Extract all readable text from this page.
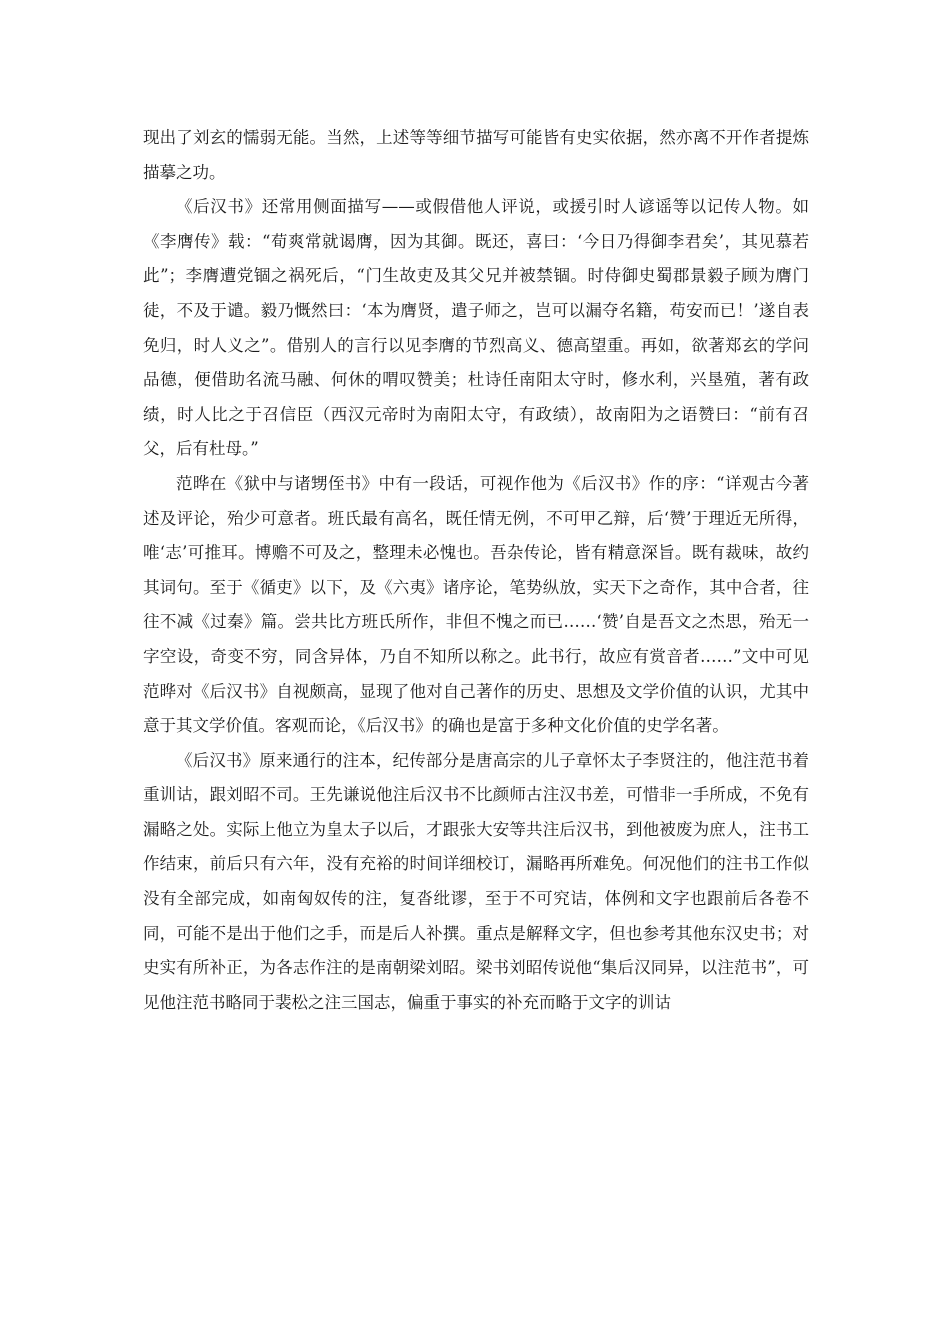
现出了刘玄的懦弱无能。当然，上述等等细节描写可能皆有史实依据，然亦离不开作者提炼描摹之功。

《后汉书》还常用侧面描写——或假借他人评说，或援引时人谚谣等以记传人物。如《李膺传》载：“荀爽常就谒膺，因为其御。既还，喜曰：‘今日乃得御李君矣’，其见慕若此”；李膺遭党锢之祸死后，“门生故吏及其父兄并被禁锢。时侍御史蜀郡景毅子顾为膺门徒，不及于谴。毅乃慨然曰：‘本为膺贤，遣子师之，岂可以漏夺名籍，苟安而已！’遂自表免归，时人义之”。借别人的言行以见李膺的节烈高义、德高望重。再如，欲著郑玄的学问品德，便借助名流马融、何休的喟叹赞美；杜诗任南阳太守时，修水利，兴垦殖，著有政绩，时人比之于召信臣（西汉元帝时为南阳太守，有政绩），故南阳为之语赞曰：“前有召父，后有杜母。”

范晔在《狱中与诸甥侄书》中有一段话，可视作他为《后汉书》作的序：“详观古今著述及评论，殆少可意者。班氏最有高名，既任情无例，不可甲乙辩，后‘赞’于理近无所得，唯‘志’可推耳。博赡不可及之，整理未必愧也。吾杂传论，皆有精意深旨。既有裁味，故约其词句。至于《循吏》以下，及《六夷》诸序论，笔势纵放，实天下之奇作，其中合者，往往不减《过秦》篇。尝共比方班氏所作，非但不愧之而已……‘赞’自是吾文之杰思，殆无一字空设，奇变不穷，同含异体，乃自不知所以称之。此书行，故应有赏音者……”文中可见范晔对《后汉书》自视颇高，显现了他对自己著作的历史、思想及文学价值的认识，尤其中意于其文学价值。客观而论，《后汉书》的确也是富于多种文化价值的史学名著。

《后汉书》原来通行的注本，纪传部分是唐高宗的儿子章怀太子李贤注的，他注范书着重训诂，跟刘昭不司。王先谦说他注后汉书不比颜师古注汉书差，可惜非一手所成，不免有漏略之处。实际上他立为皇太子以后，才跟张大安等共注后汉书，到他被废为庶人，注书工作结束，前后只有六年，没有充裕的时间详细校订，漏略再所难免。何况他们的注书工作似没有全部完成，如南匈奴传的注，复沓纰谬，至于不可究诘，体例和文字也跟前后各卷不同，可能不是出于他们之手，而是后人补撰。重点是解释文字，但也参考其他东汉史书；对史实有所补正，为各志作注的是南朝梁刘昭。梁书刘昭传说他“集后汉同异，以注范书”，可见他注范书略同于裴松之注三国志，偏重于事实的补充而略于文字的训诂
